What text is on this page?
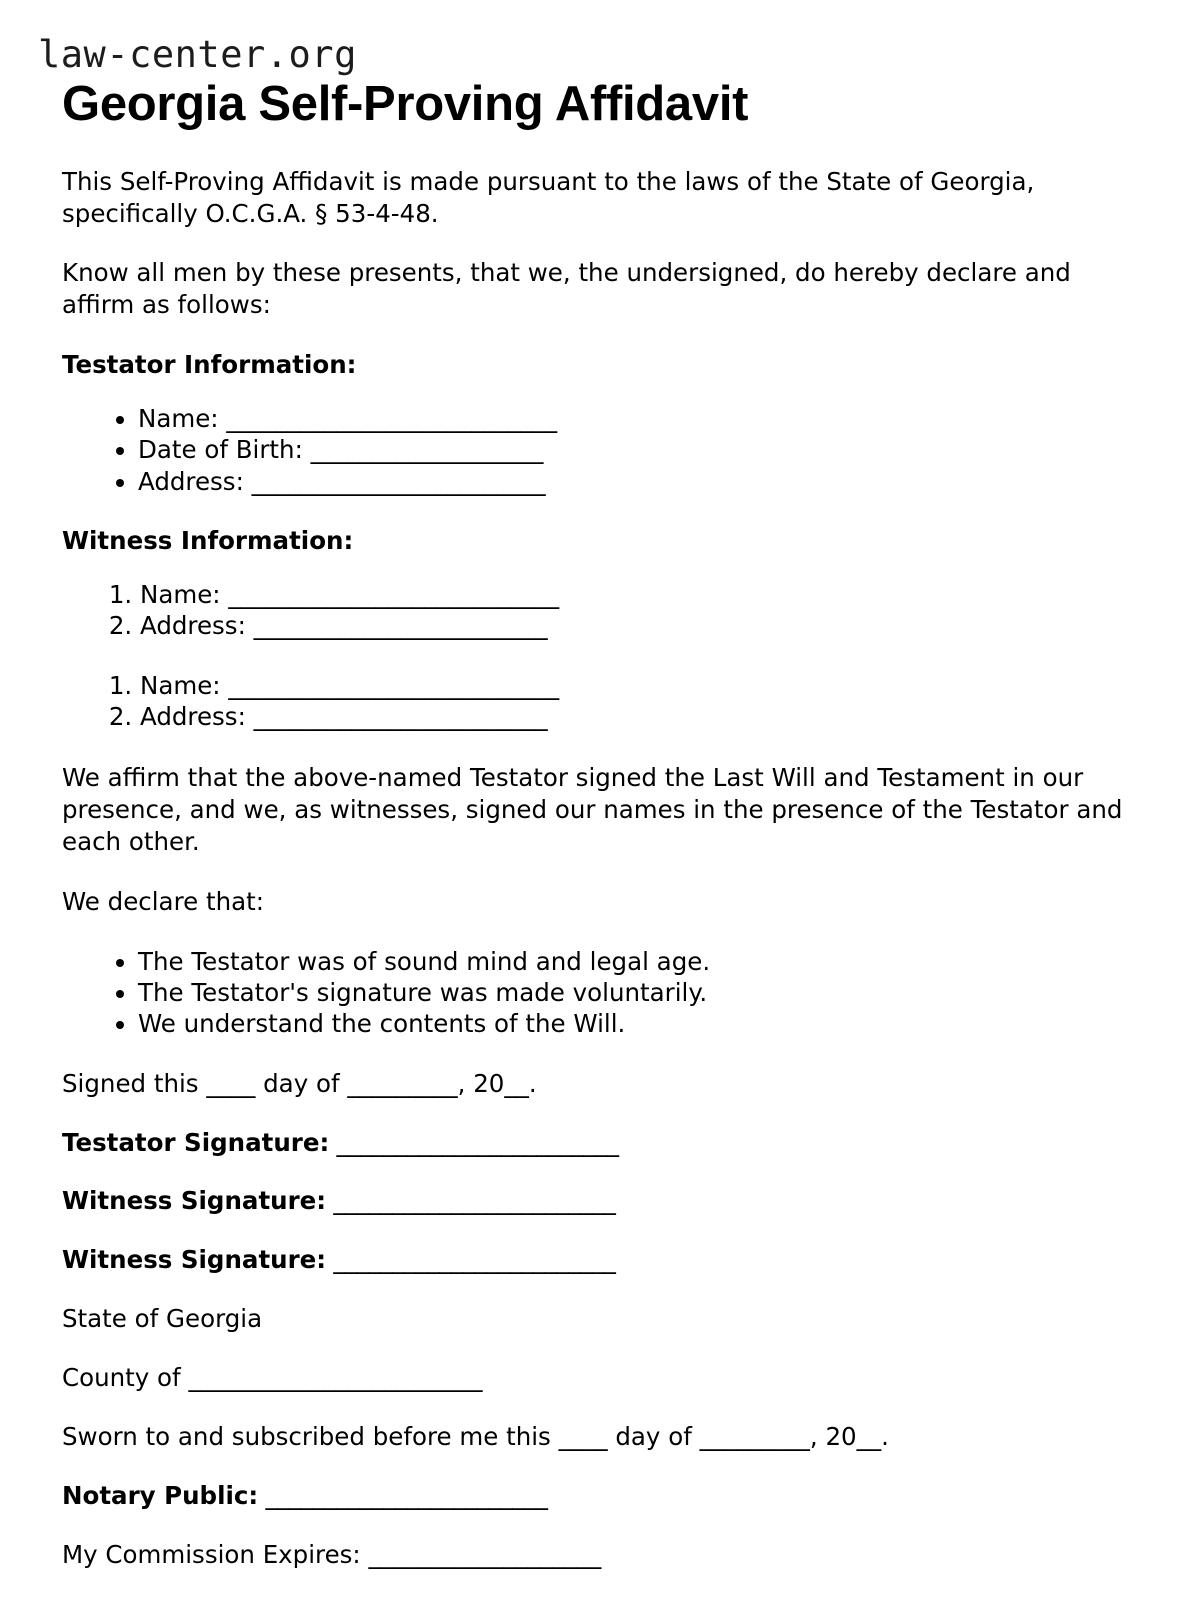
law-center.org
Georgia Self-Proving Affidavit

This Self-Proving Affidavit is made pursuant to the laws of the State of Georgia, specifically O.C.G.A. § 53-4-48.

Know all men by these presents, that we, the undersigned, do hereby declare and affirm as follows:

Testator Information:
• Name: ___________________________
• Date of Birth: ___________________
• Address: ________________________
Witness Information:
1. Name: ___________________________
2. Address: ________________________
1. Name: ___________________________
2. Address: ________________________

We affirm that the above-named Testator signed the Last Will and Testament in our presence, and we, as witnesses, signed our names in the presence of the Testator and each other.

We declare that:

• The Testator was of sound mind and legal age.
• The Testator's signature was made voluntarily.
• We understand the contents of the Will.

Signed this ____ day of _________, 20__.

Testator Signature: ________________________

Witness Signature: ________________________

Witness Signature: ________________________

State of Georgia

County of ________________________

Sworn to and subscribed before me this ____ day of _________, 20__.

Notary Public: ________________________

My Commission Expires: ___________________
